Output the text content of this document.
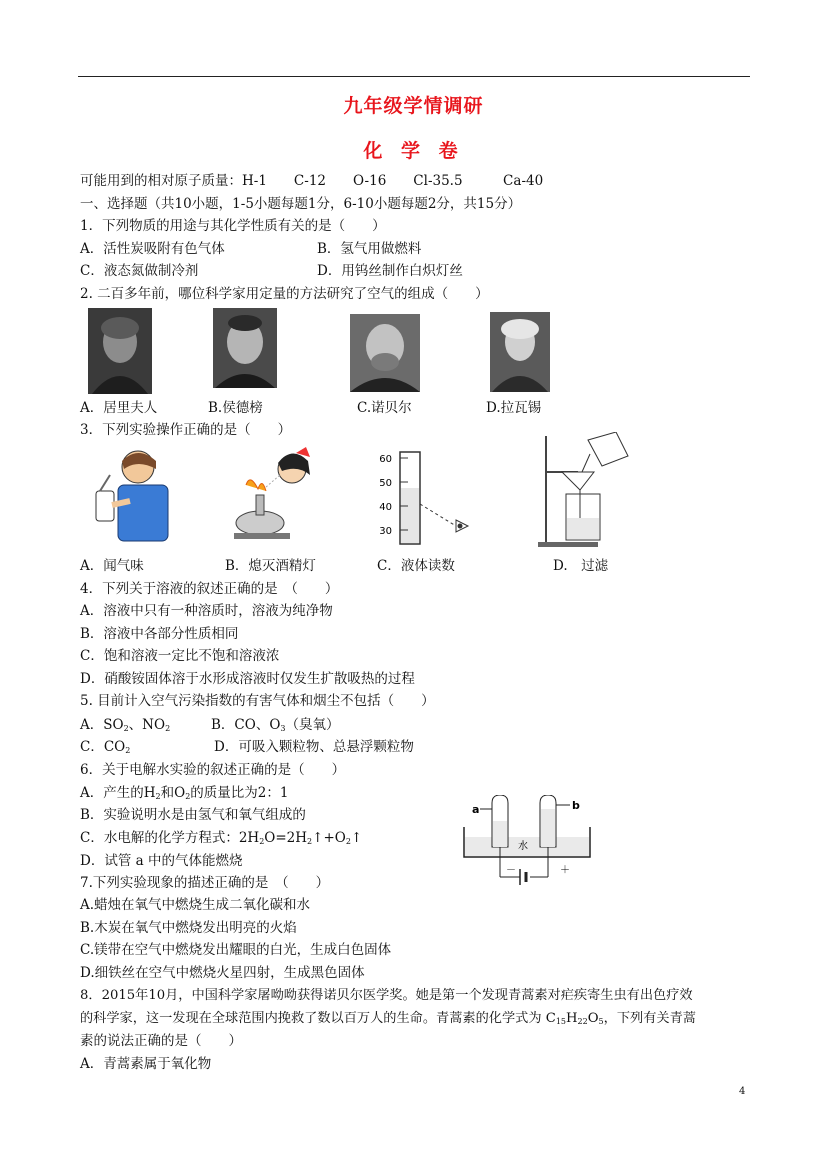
九年级学情调研
化 学 卷
可能用到的相对原子质量：H-1　　C-12　　O-16　　Cl-35.5　　　Ca-40
一、选择题（共10小题，1-5小题每题1分，6-10小题每题2分，共15分）
1．下列物质的用途与其化学性质有关的是（　　）
A．活性炭吸附有色气体	B．氢气用做燃料
C．液态氮做制冷剂	D．用钨丝制作白炽灯丝
2. 二百多年前，哪位科学家用定量的方法研究了空气的组成（　　）
A．居里夫人	B.侯德榜	C.诺贝尔	D.拉瓦锡
3．下列实验操作正确的是（　　）
60
50
40
30
A．闻气味	B．熄灭酒精灯	C．液体读数	D.　过滤
4．下列关于溶液的叙述正确的是　（　　）
A．溶液中只有一种溶质时，溶液为纯净物
B．溶液中各部分性质相同
C．饱和溶液一定比不饱和溶液浓
D．硝酸铵固体溶于水形成溶液时仅发生扩散吸热的过程
5. 目前计入空气污染指数的有害气体和烟尘不包括（　　）
A．$SO_2$、$NO_2$	B．CO、$O_3$（臭氧）
C．$CO_2$	D．可吸入颗粒物、总悬浮颗粒物
6．关于电解水实验的叙述正确的是（　　）
A．产生的$H_2$和$O_2$的质量比为2：1
B．实验说明水是由氢气和氧气组成的
C．水电解的化学方程式：$2H_2O=2H_2↑+O_2↑$
D．试管 a 中的气体能燃烧
a	b
水
－	＋
7.下列实验现象的描述正确的是　（　　）
A.蜡烛在氧气中燃烧生成二氧化碳和水
B.木炭在氧气中燃烧发出明亮的火焰
C.镁带在空气中燃烧发出耀眼的白光，生成白色固体
D.细铁丝在空气中燃烧火星四射，生成黑色固体
8．2015年10月，中国科学家屠呦呦获得诺贝尔医学奖。她是第一个发现青蒿素对疟疾寄生虫有出色疗效
的科学家，这一发现在全球范围内挽救了数以百万人的生命。青蒿素的化学式为 $C_{15}H_{22}O_5$，下列有关青蒿
素的说法正确的是（　　）
A．青蒿素属于氧化物
4
